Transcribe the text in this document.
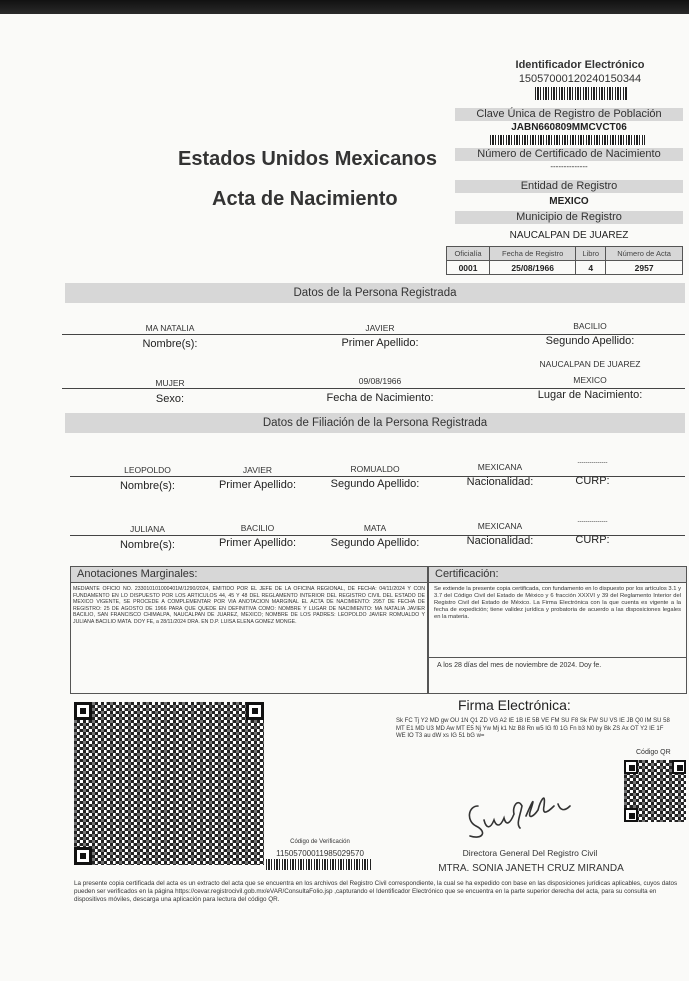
Identificador Electrónico
15057000120240150344
Clave Única de Registro de Población
JABN660809MMCVCT06
Número de Certificado de Nacimiento
--------------
Estados Unidos Mexicanos
Acta de Nacimiento
Entidad de Registro
MEXICO
Municipio de Registro
NAUCALPAN DE JUAREZ
Oficialía	Fecha de Registro	Libro	Número de Acta
0001	25/08/1966	4	2957
Datos de la Persona Registrada
MA NATALIA	JAVIER	BACILIO
Nombre(s):	Primer Apellido:	Segundo Apellido:
NAUCALPAN DE JUAREZ
MUJER	09/08/1966	MEXICO
Sexo:	Fecha de Nacimiento:	Lugar de Nacimiento:
Datos de Filiación de la Persona Registrada
LEOPOLDO	JAVIER	ROMUALDO	MEXICANA	---------------
Nombre(s):	Primer Apellido:	Segundo Apellido:	Nacionalidad:	CURP:
JULIANA	BACILIO	MATA	MEXICANA	---------------
Nombre(s):	Primer Apellido:	Segundo Apellido:	Nacionalidad:	CURP:
Anotaciones Marginales:
MEDIANTE OFICIO NO. 233010101000401M/1290/2024, EMITIDO POR EL JEFE DE LA OFICINA REGIONAL, DE FECHA: 04/11/2024 Y CON FUNDAMENTO EN LO DISPUESTO POR LOS ARTICULOS 44, 45 Y 48 DEL REGLAMENTO INTERIOR DEL REGISTRO CIVIL DEL ESTADO DE MEXICO VIGENTE, SE PROCEDE A COMPLEMENTAR POR VIA ANOTACION MARGINAL EL ACTA DE NACIMIENTO: 2957 DE FECHA DE REGISTRO: 25 DE AGOSTO DE 1966 PARA QUE QUEDE EN DEFINITIVA COMO: NOMBRE Y LUGAR DE NACIMIENTO: MA NATALIA JAVIER BACILIO, SAN FRANCISCO CHIMALPA, NAUCALPAN DE JUAREZ, MEXICO; NOMBRE DE LOS PADRES: LEOPOLDO JAVIER ROMUALDO Y JULIANA BACILIO MATA. DOY FE, a 28/11/2024 DRA. EN D.P. LUISA ELENA GOMEZ MONGE.
Certificación:
Se extiende la presente copia certificada, con fundamento en lo dispuesto por los artículos 3.1 y 3.7 del Código Civil del Estado de México y 6 fracción XXXVI y 39 del Reglamento Interior del Registro Civil del Estado de México. La Firma Electrónica con la que cuenta es vigente a la fecha de expedición; tiene validez jurídica y probatoria de acuerdo a las disposiciones legales en la materia.
A los 28 días del mes de noviembre de 2024. Doy fe.
Firma Electrónica:
Sk FC Tj Y2 MD gw OU 1N Q1 ZD VG A2 IE 1B IE 5B VE FM SU F8 Sk FW SU VS IE JB Q0 IM SU 58 MT E1 MD U3 MD Aw MT E5 Nj Yw Mj k1 Nz B8 Rn w5 IG f0 1G Fn b3 N0 by Bk ZS Ax OT Y2 IE 1F WE IO T3 au dW xs IG 51 bG w=
Código QR
Directora General Del Registro Civil
MTRA. SONIA JANETH CRUZ MIRANDA
Código de Verificación
11505700011985029570
La presente copia certificada del acta es un extracto del acta que se encuentra en los archivos del Registro Civil correspondiente, la cual se ha expedido con base en las disposiciones jurídicas aplicables, cuyos datos pueden ser verificados en la página https://cevar.registrocivil.gob.mx/eVAR/ConsultaFolio.jsp ,capturando el Identificador Electrónico que se encuentra en la parte superior derecha del acta, para su consulta en dispositivos móviles, descarga una aplicación para lectura del código QR.
